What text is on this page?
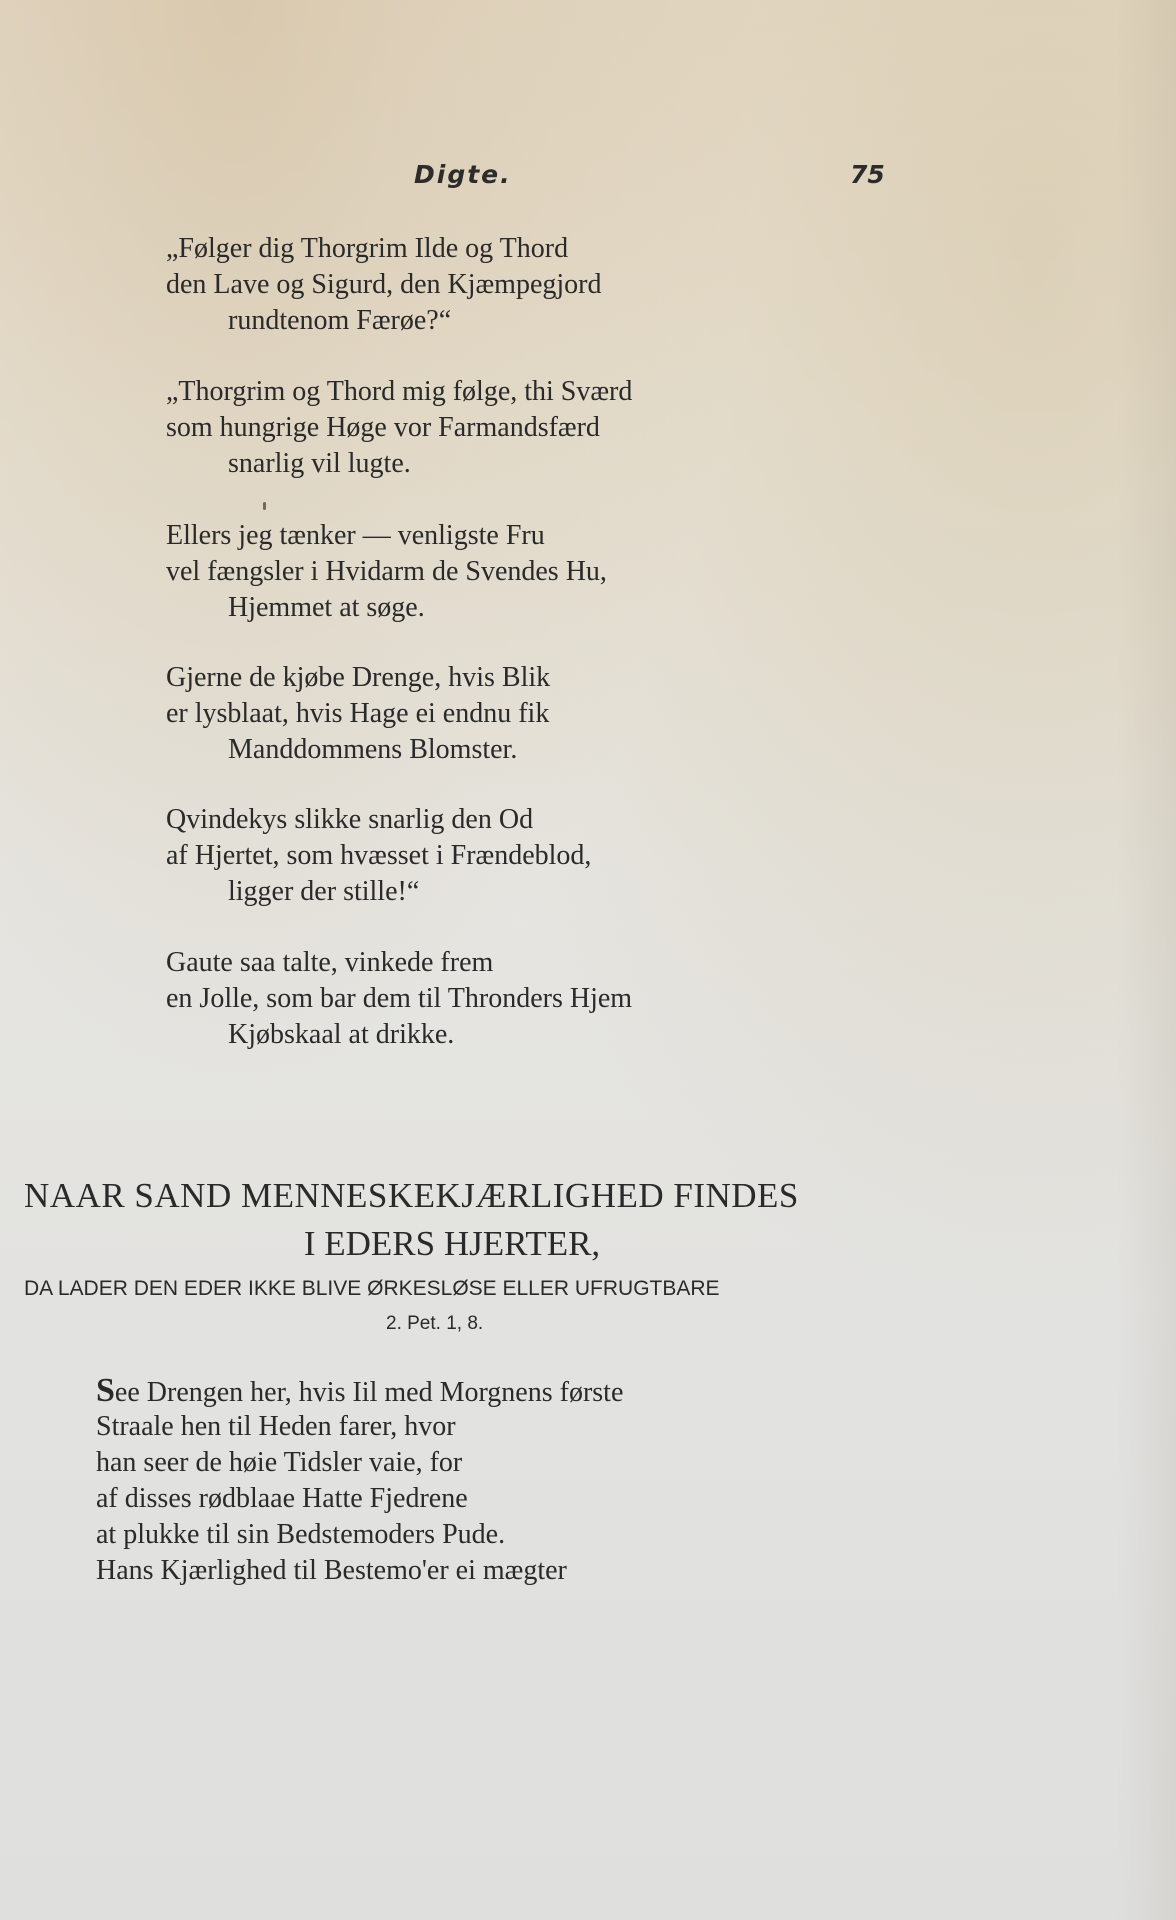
Digte.	75
„Følger dig Thorgrim Ilde og Thord
den Lave og Sigurd, den Kjæmpegjord
rundtenom Færøe?“
„Thorgrim og Thord mig følge, thi Sværd
som hungrige Høge vor Farmandsfærd
snarlig vil lugte.
Ellers jeg tænker — venligste Fru
vel fængsler i Hvidarm de Svendes Hu,
Hjemmet at søge.
Gjerne de kjøbe Drenge, hvis Blik
er lysblaat, hvis Hage ei endnu fik
Manddommens Blomster.
Qvindekys slikke snarlig den Od
af Hjertet, som hvæsset i Frændeblod,
ligger der stille!“
Gaute saa talte, vinkede frem
en Jolle, som bar dem til Thronders Hjem
Kjøbskaal at drikke.
NAAR SAND MENNESKEKJÆRLIGHED FINDES
I EDERS HJERTER,
DA LADER DEN EDER IKKE BLIVE ØRKESLØSE ELLER UFRUGTBARE
2. Pet. 1, 8.
See Drengen her, hvis Iil med Morgnens første
Straale hen til Heden farer, hvor
han seer de høie Tidsler vaie, for
af disses rødblaae Hatte Fjedrene
at plukke til sin Bedstemoders Pude.
Hans Kjærlighed til Bestemo'er ei mægter
